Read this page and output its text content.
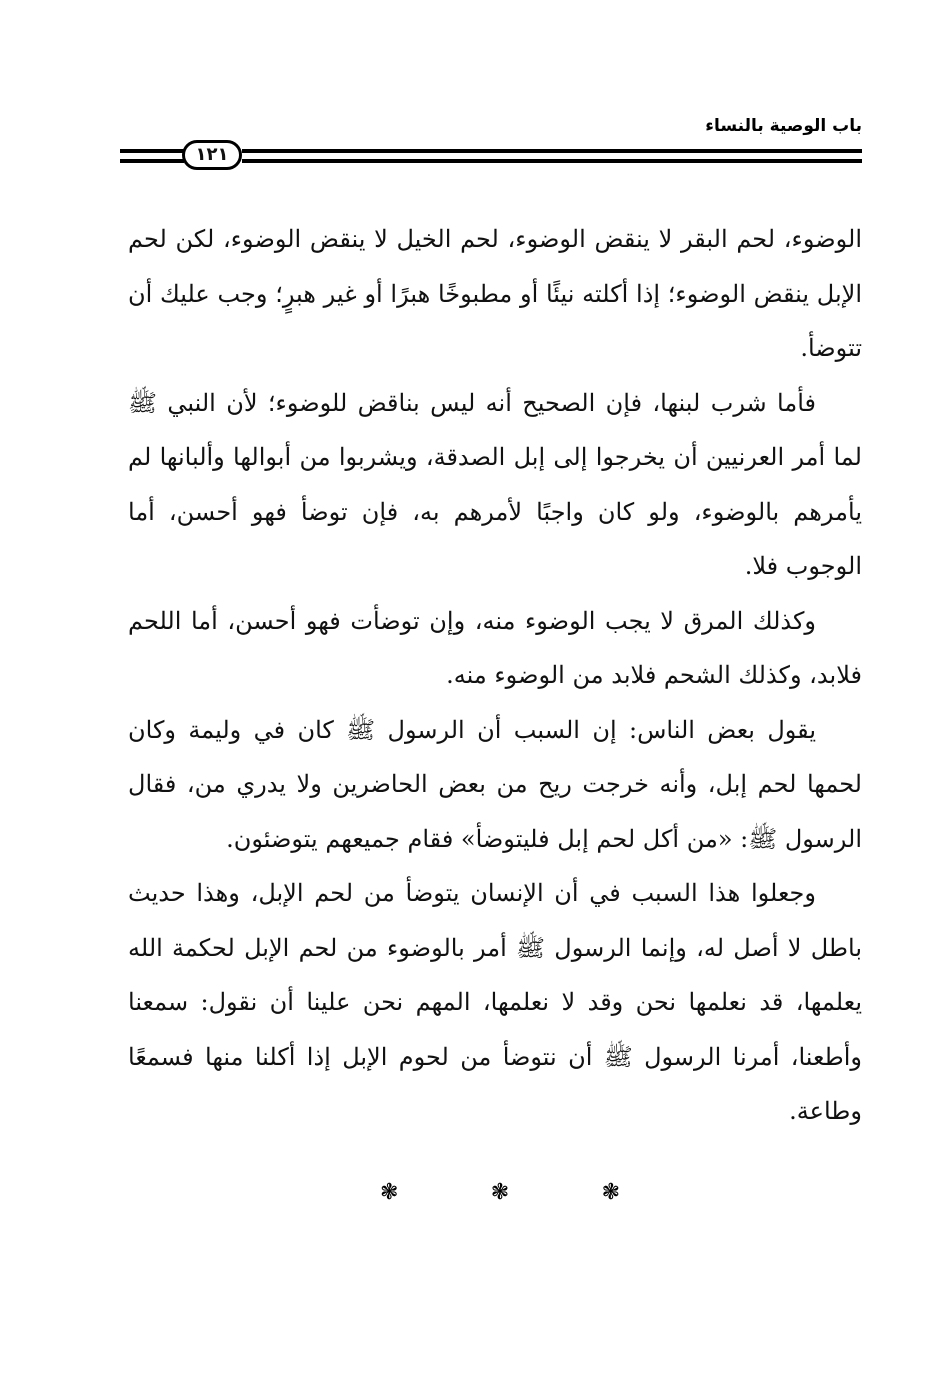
باب الوصية بالنساء
١٢١

الوضوء، لحم البقر لا ينقض الوضوء، لحم الخيل لا ينقض الوضوء، لكن لحم الإبل ينقض الوضوء؛ إذا أكلته نيئًا أو مطبوخًا هبرًا أو غير هبرٍ؛ وجب عليك أن تتوضأ.

فأما شرب لبنها، فإن الصحيح أنه ليس بناقض للوضوء؛ لأن النبي ﷺ لما أمر العرنيين أن يخرجوا إلى إبل الصدقة، ويشربوا من أبوالها وألبانها لم يأمرهم بالوضوء، ولو كان واجبًا لأمرهم به، فإن توضأ فهو أحسن، أما الوجوب فلا.

وكذلك المرق لا يجب الوضوء منه، وإن توضأت فهو أحسن، أما اللحم فلابد، وكذلك الشحم فلابد من الوضوء منه.

يقول بعض الناس: إن السبب أن الرسول ﷺ كان في وليمة وكان لحمها لحم إبل، وأنه خرجت ريح من بعض الحاضرين ولا يدري من، فقال الرسول ﷺ: «من أكل لحم إبل فليتوضأ» فقام جميعهم يتوضئون.

وجعلوا هذا السبب في أن الإنسان يتوضأ من لحم الإبل، وهذا حديث باطل لا أصل له، وإنما الرسول ﷺ أمر بالوضوء من لحم الإبل لحكمة الله يعلمها، قد نعلمها نحن وقد لا نعلمها، المهم نحن علينا أن نقول: سمعنا وأطعنا، أمرنا الرسول ﷺ أن نتوضأ من لحوم الإبل إذا أكلنا منها فسمعًا وطاعة.

❃	❃	❃
